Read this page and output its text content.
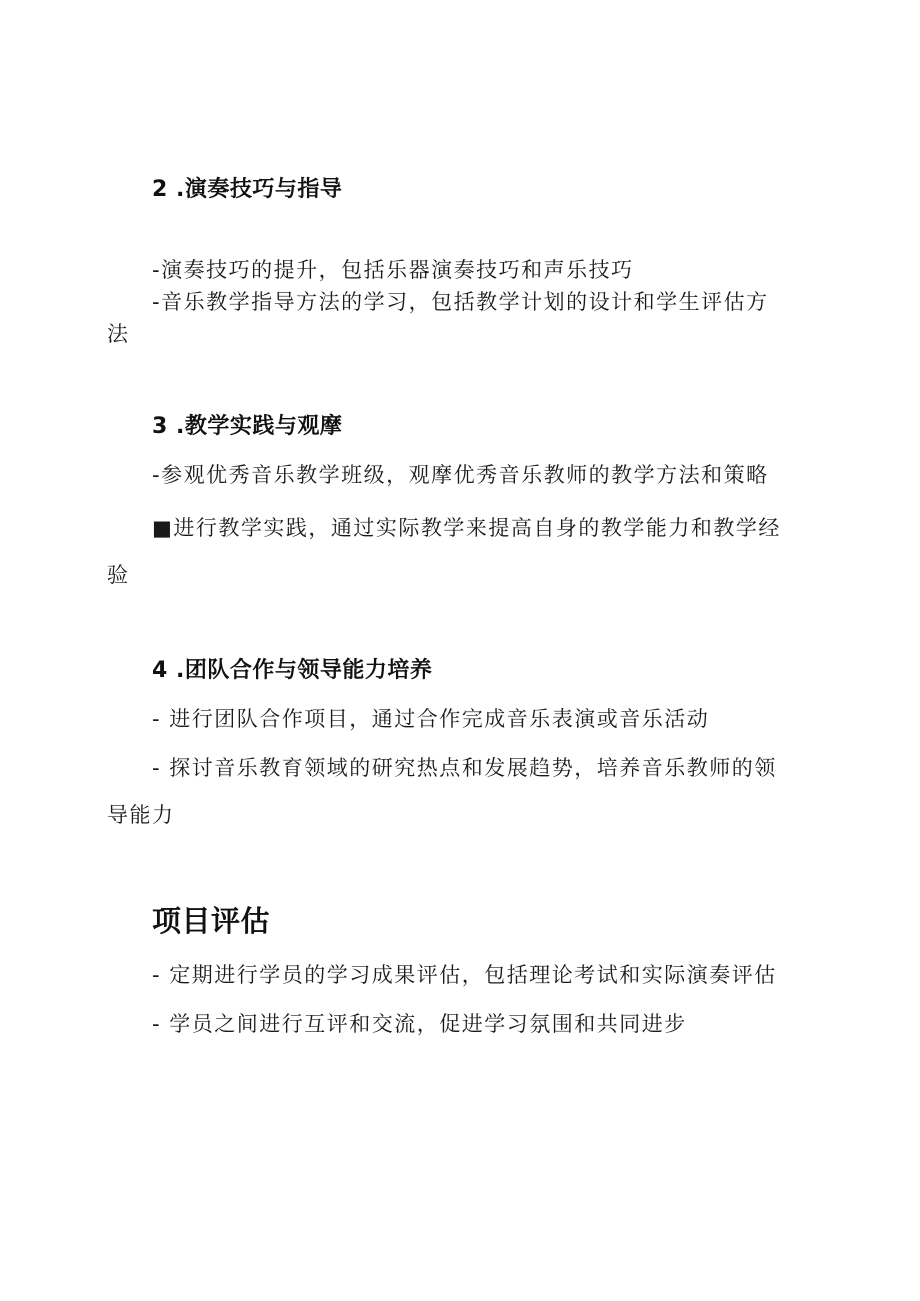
2 .演奏技巧与指导
-演奏技巧的提升，包括乐器演奏技巧和声乐技巧
-音乐教学指导方法的学习，包括教学计划的设计和学生评估方
法
3 .教学实践与观摩
-参观优秀音乐教学班级，观摩优秀音乐教师的教学方法和策略
■进行教学实践，通过实际教学来提高自身的教学能力和教学经
验
4 .团队合作与领导能力培养
- 进行团队合作项目，通过合作完成音乐表演或音乐活动
- 探讨音乐教育领域的研究热点和发展趋势，培养音乐教师的领
导能力
项目评估
- 定期进行学员的学习成果评估，包括理论考试和实际演奏评估
- 学员之间进行互评和交流，促进学习氛围和共同进步
